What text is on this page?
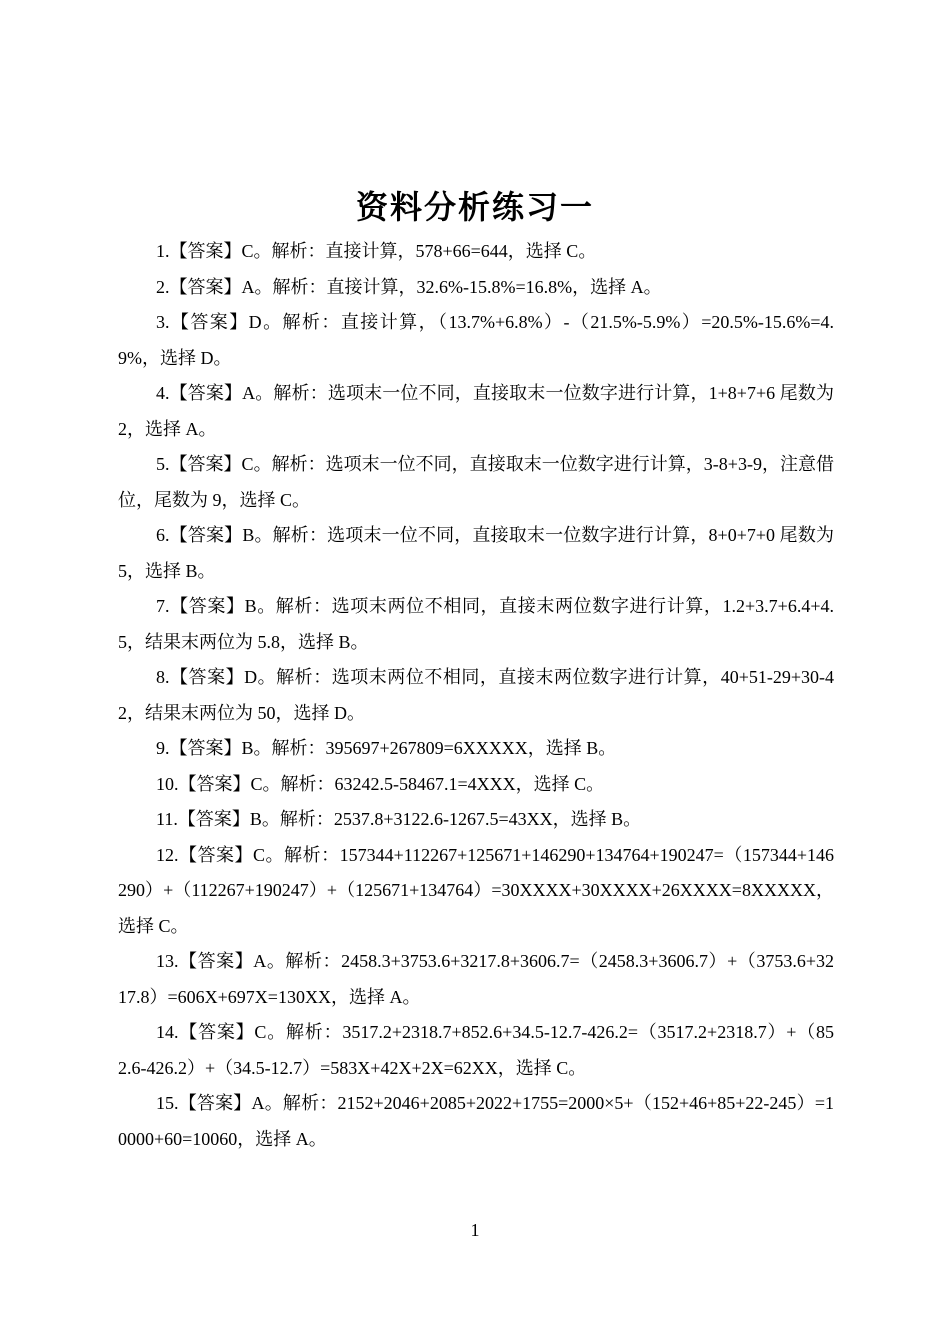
资料分析练习一

1.【答案】C。解析：直接计算，578+66=644，选择 C。

2.【答案】A。解析：直接计算，32.6%-15.8%=16.8%，选择 A。

3.【答案】D。解析：直接计算，（13.7%+6.8%）-（21.5%-5.9%）=20.5%-15.6%=4.9%，选择 D。

4.【答案】A。解析：选项末一位不同，直接取末一位数字进行计算，1+8+7+6 尾数为 2，选择 A。

5.【答案】C。解析：选项末一位不同，直接取末一位数字进行计算，3-8+3-9，注意借位，尾数为 9，选择 C。

6.【答案】B。解析：选项末一位不同，直接取末一位数字进行计算，8+0+7+0 尾数为 5，选择 B。

7.【答案】B。解析：选项末两位不相同，直接末两位数字进行计算，1.2+3.7+6.4+4.5，结果末两位为 5.8，选择 B。

8.【答案】D。解析：选项末两位不相同，直接末两位数字进行计算，40+51-29+30-42，结果末两位为 50，选择 D。

9.【答案】B。解析：395697+267809=6XXXXX，选择 B。

10.【答案】C。解析：63242.5-58467.1=4XXX，选择 C。

11.【答案】B。解析：2537.8+3122.6-1267.5=43XX，选择 B。

12.【答案】C。解析：157344+112267+125671+146290+134764+190247=（157344+146290）+（112267+190247）+（125671+134764）=30XXXX+30XXXX+26XXXX=8XXXXX，选择 C。

13.【答案】A。解析：2458.3+3753.6+3217.8+3606.7=（2458.3+3606.7）+（3753.6+3217.8）=606X+697X=130XX，选择 A。

14.【答案】C。解析：3517.2+2318.7+852.6+34.5-12.7-426.2=（3517.2+2318.7）+（852.6-426.2）+（34.5-12.7）=583X+42X+2X=62XX，选择 C。

15.【答案】A。解析：2152+2046+2085+2022+1755=2000×5+（152+46+85+22-245）=10000+60=10060，选择 A。

1
